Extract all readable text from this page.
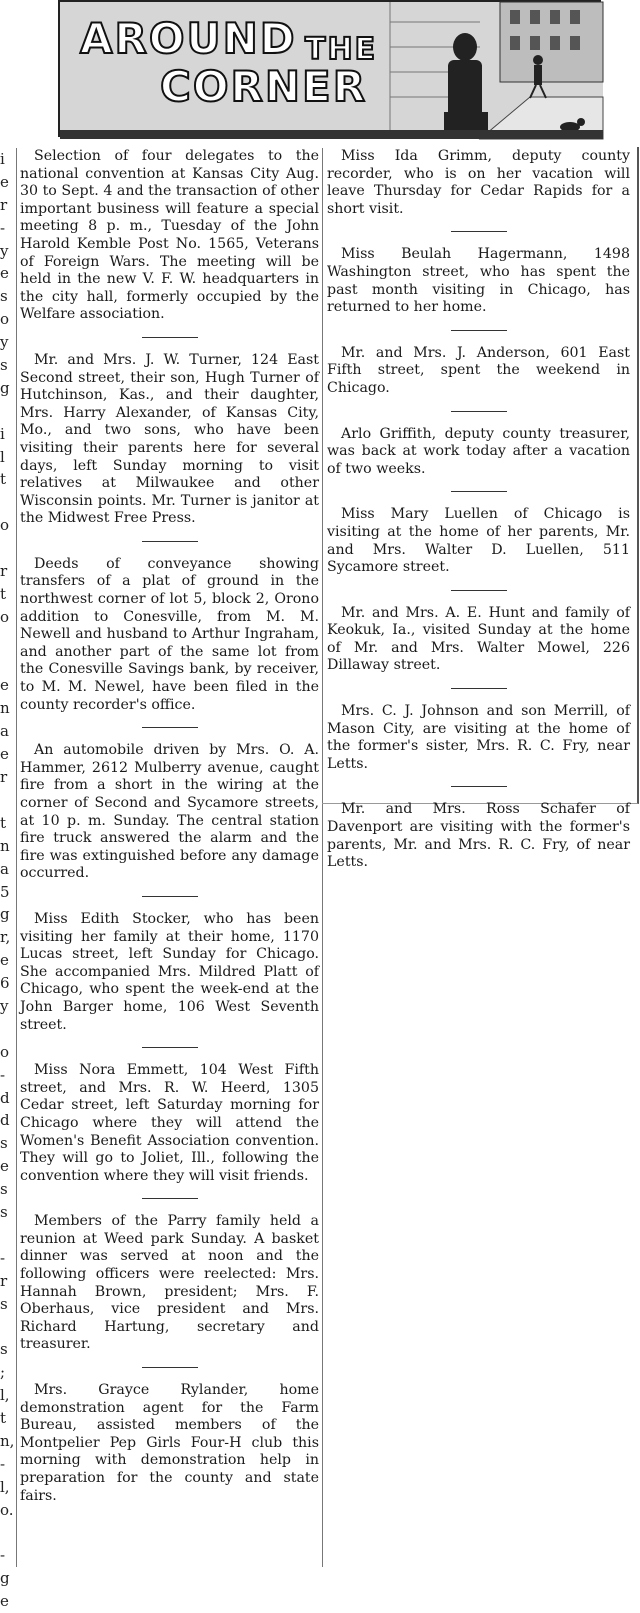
AROUND THE
CORNER
i
e
r
-
y
e
s
o
y
s
g
i
l
t
o
r
t
o
e
n
a
e
r
t
n
a
5
g
r,
e
6
y
o
-
d
d
s
e
s
s
-
r
s
s
;
l,
t
n,
-
l,
o.
-
g
e

Selection of four delegates to the national convention at Kansas City Aug. 30 to Sept. 4 and the transaction of other important business will feature a special meeting 8 p. m., Tuesday of the John Harold Kemble Post No. 1565, Veterans of Foreign Wars. The meeting will be held in the new V. F. W. headquarters in the city hall, formerly occupied by the Welfare association.

Mr. and Mrs. J. W. Turner, 124 East Second street, their son, Hugh Turner of Hutchinson, Kas., and their daughter, Mrs. Harry Alexander, of Kansas City, Mo., and two sons, who have been visiting their parents here for several days, left Sunday morning to visit relatives at Milwaukee and other Wisconsin points. Mr. Turner is janitor at the Midwest Free Press.

Deeds of conveyance showing transfers of a plat of ground in the northwest corner of lot 5, block 2, Orono addition to Conesville, from M. M. Newell and husband to Arthur Ingraham, and another part of the same lot from the Conesville Savings bank, by receiver, to M. M. Newel, have been filed in the county recorder's office.

An automobile driven by Mrs. O. A. Hammer, 2612 Mulberry avenue, caught fire from a short in the wiring at the corner of Second and Sycamore streets, at 10 p. m. Sunday. The central station fire truck answered the alarm and the fire was extinguished before any damage occurred.

Miss Edith Stocker, who has been visiting her family at their home, 1170 Lucas street, left Sunday for Chicago. She accompanied Mrs. Mildred Platt of Chicago, who spent the week-end at the John Barger home, 106 West Seventh street.

Miss Nora Emmett, 104 West Fifth street, and Mrs. R. W. Heerd, 1305 Cedar street, left Saturday morning for Chicago where they will attend the Women's Benefit Association convention. They will go to Joliet, Ill., following the convention where they will visit friends.

Members of the Parry family held a reunion at Weed park Sunday. A basket dinner was served at noon and the following officers were reelected: Mrs. Hannah Brown, president; Mrs. F. Oberhaus, vice president and Mrs. Richard Hartung, secretary and treasurer.

Mrs. Grayce Rylander, home demonstration agent for the Farm Bureau, assisted members of the Montpelier Pep Girls Four-H club this morning with demonstration help in preparation for the county and state fairs.

Miss Ida Grimm, deputy county recorder, who is on her vacation will leave Thursday for Cedar Rapids for a short visit.

Miss Beulah Hagermann, 1498 Washington street, who has spent the past month visiting in Chicago, has returned to her home.

Mr. and Mrs. J. Anderson, 601 East Fifth street, spent the weekend in Chicago.

Arlo Griffith, deputy county treasurer, was back at work today after a vacation of two weeks.

Miss Mary Luellen of Chicago is visiting at the home of her parents, Mr. and Mrs. Walter D. Luellen, 511 Sycamore street.

Mr. and Mrs. A. E. Hunt and family of Keokuk, Ia., visited Sunday at the home of Mr. and Mrs. Walter Mowel, 226 Dillaway street.

Mrs. C. J. Johnson and son Merrill, of Mason City, are visiting at the home of the former's sister, Mrs. R. C. Fry, near Letts.

Mr. and Mrs. Ross Schafer of Davenport are visiting with the former's parents, Mr. and Mrs. R. C. Fry, of near Letts.
